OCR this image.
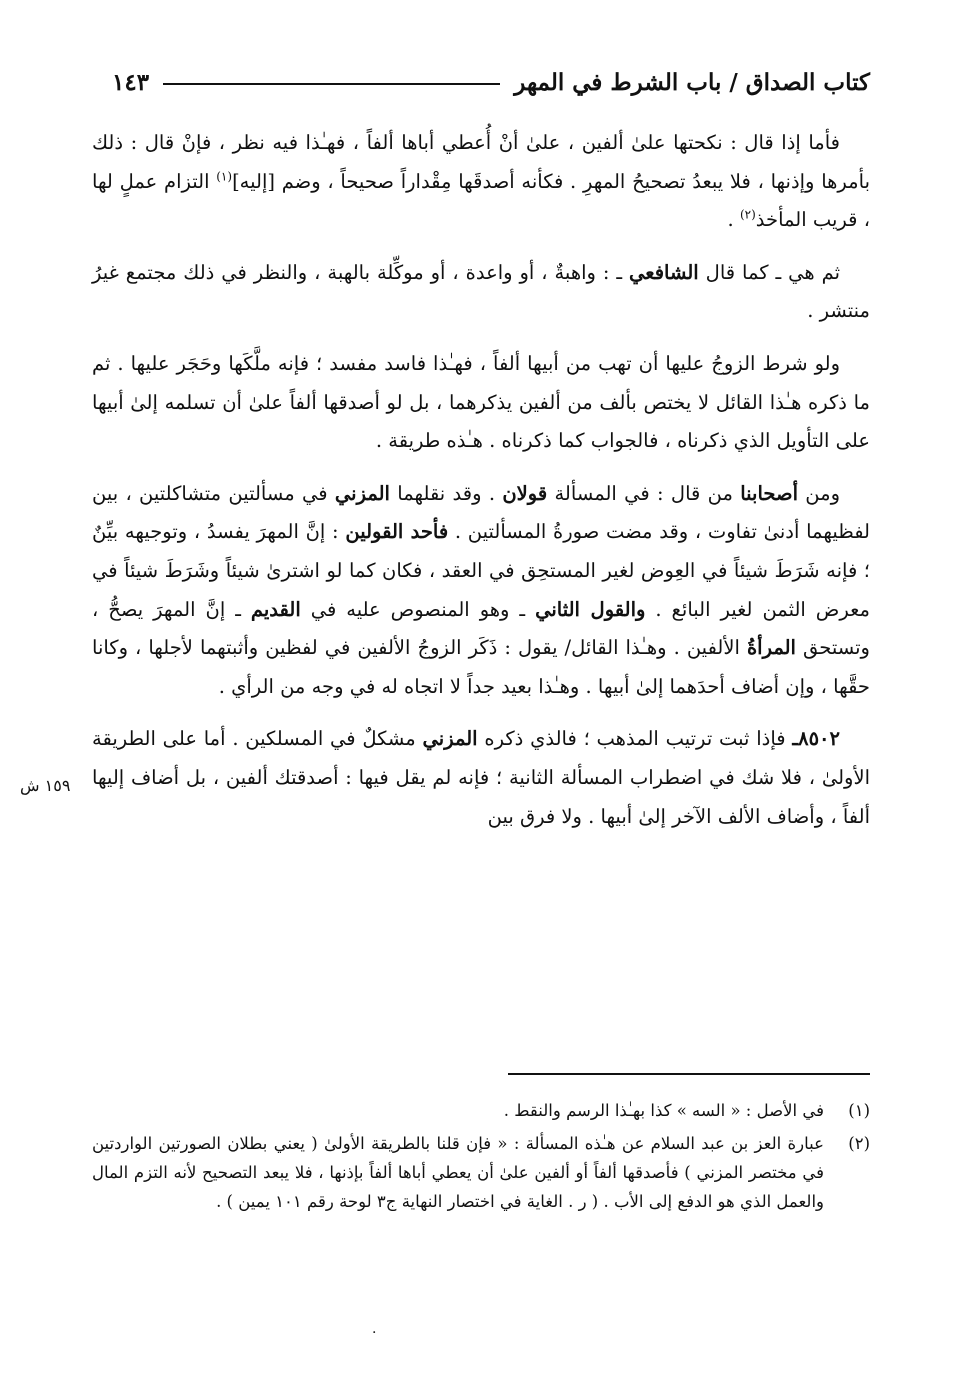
كتاب الصداق / باب الشرط في المهر
١٤٣

فأما إذا قال : نكحتها علىٰ ألفين ، علىٰ أنْ أُعطي أباها ألفاً ، فهـٰذا فيه نظر ، فإنْ قال : ذلك بأمرها وإذنها ، فلا يبعدُ تصحيحُ المهرِ . فكأنه أصدقَها مِقْداراً صحيحاً ، وضم [إليه]$^{(١)}$ التزام عملٍ لها ، قريب المأخذ$^{(٢)}$ .

ثم هي ـ كما قال الشافعي ـ : واهبةٌ ، أو واعدة ، أو موكِّلة بالهبة ، والنظر في ذلك مجتمع غيرُ منتشر .

ولو شرط الزوجُ عليها أن تهب من أبيها ألفاً ، فهـٰذا فاسد مفسد ؛ فإنه ملَّكَها وحَجَر عليها . ثم ما ذكره هـٰذا القائل لا يختص بألف من ألفين يذكرهما ، بل لو أصدقها ألفاً علىٰ أن تسلمه إلىٰ أبيها على التأويل الذي ذكرناه ، فالجواب كما ذكرناه . هـٰذه طريقة .

ومن أصحابنا من قال : في المسألة قولان . وقد نقلهما المزني في مسألتين متشاكلتين ، بين لفظيهما أدنىٰ تفاوت ، وقد مضت صورةُ المسألتين . فأحد القولين : إنَّ المهرَ يفسدُ ، وتوجيهه بيِّنٌ ؛ فإنه شَرَطَ شيئاً في العِوض لغير المستحِق في العقد ، فكان كما لو اشترىٰ شيئاً وشَرَطَ شيئاً في معرض الثمن لغير البائع . والقول الثاني ـ وهو المنصوص عليه في القديم ـ إنَّ المهرَ يصحُّ ، وتستحق المرأةُ الألفين . وهـٰذا القائل/ يقول : ذَكَر الزوجُ الألفين في لفظين وأثبتهما لأجلها ، وكانا حقَّها ، وإن أضاف أحدَهما إلىٰ أبيها . وهـٰذا بعيد جداً لا اتجاه له في وجه من الرأي .

٨٥٠٢ـ فإذا ثبت ترتيب المذهب ؛ فالذي ذكره المزني مشكلٌ في المسلكين . أما على الطريقة الأولىٰ ، فلا شك في اضطراب المسألة الثانية ؛ فإنه لم يقل فيها : أصدقتك ألفين ، بل أضاف إليها ألفاً ، وأضاف الألف الآخر إلىٰ أبيها . ولا فرق بين

١٥٩ ش
(١)
في الأصل : « السه » كذا بهـٰذا الرسم والنقط .
(٢)
عبارة العز بن عبد السلام عن هـٰذه المسألة : « فإن قلنا بالطريقة الأولىٰ ( يعني بطلان الصورتين الواردتين في مختصر المزني ) فأصدقها ألفاً أو ألفين علىٰ أن يعطي أباها ألفاً بإذنها ، فلا يبعد التصحيح لأنه التزم المال والعمل الذي هو الدفع إلى الأب . ( ر . الغاية في اختصار النهاية ج٣ لوحة رقم ١٠١ يمين ) .
·
